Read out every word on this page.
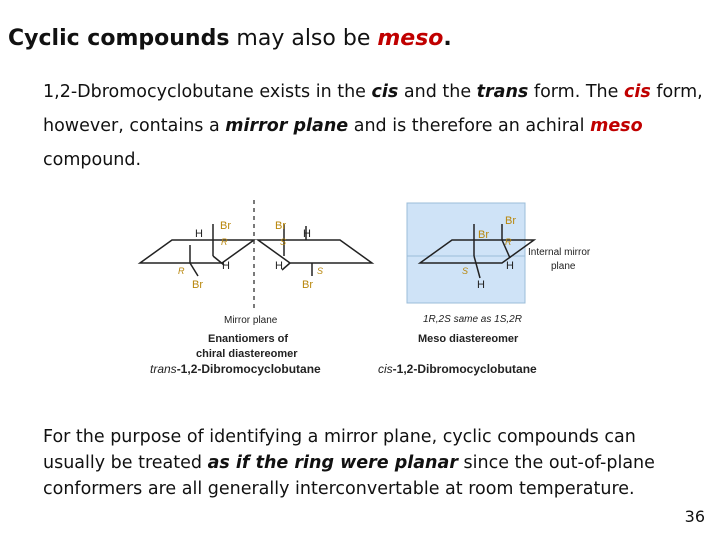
Cyclic compounds may also be meso.
1,2-Dbromocyclobutane exists in the cis and the trans form. The cis form, however, contains a mirror plane and is therefore an achiral meso compound.
Br
H
R
H
R
Br
Mirror plane
Br
H
S
H	S
Br
Enantiomers of
chiral diastereomer
trans-1,2-Dibromocyclobutane
Br
Br
R
S	H
H
Internal mirror
plane
1R,2S same as 1S,2R
Meso diastereomer
cis-1,2-Dibromocyclobutane
For the purpose of identifying a mirror plane, cyclic compounds can usually be treated as if the ring were planar since the out-of-plane conformers are all generally interconvertable at room temperature.
36
